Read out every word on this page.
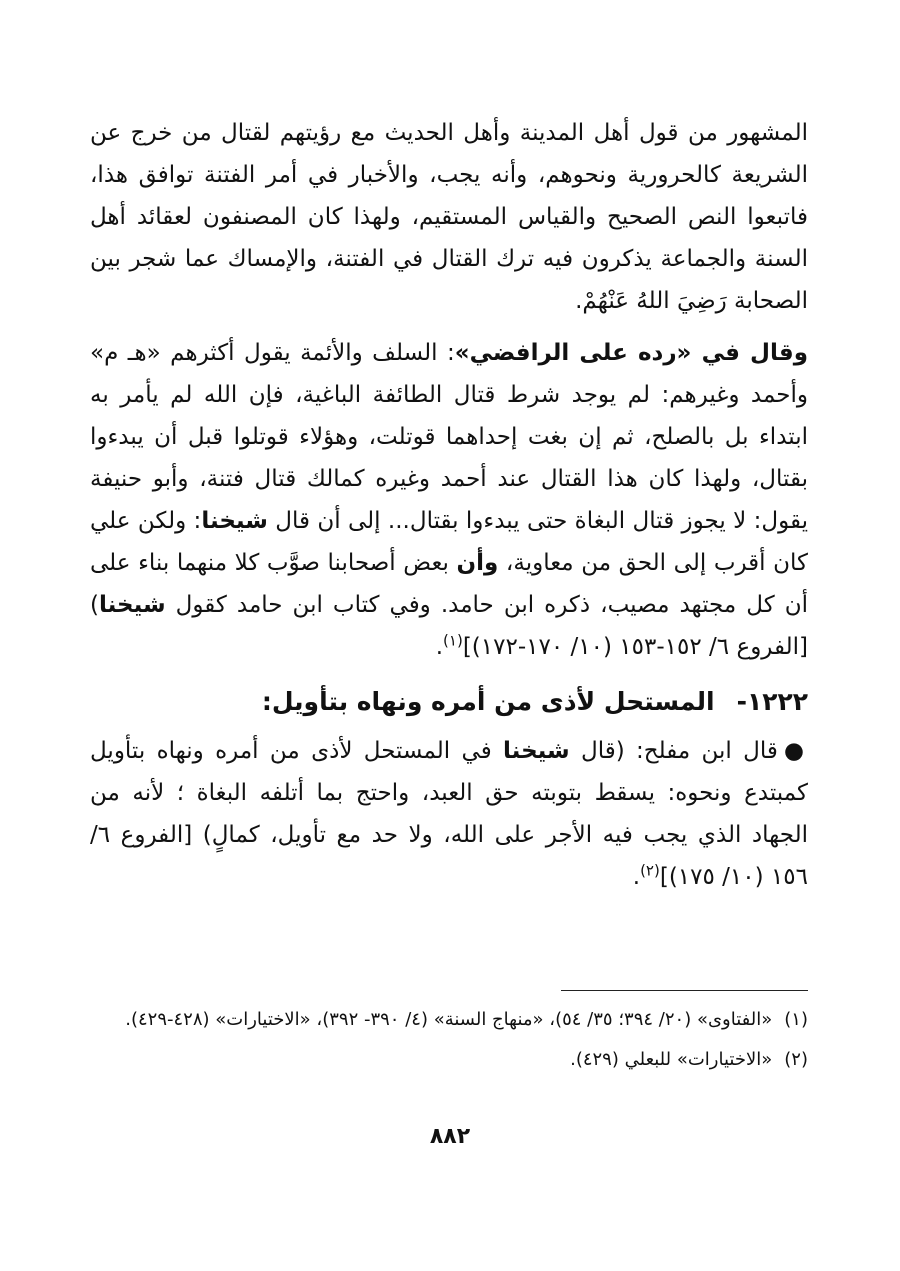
المشهور من قول أهل المدينة وأهل الحديث مع رؤيتهم لقتال من خرج عن الشريعة كالحرورية ونحوهم، وأنه يجب، والأخبار في أمر الفتنة توافق هذا، فاتبعوا النص الصحيح والقياس المستقيم، ولهذا كان المصنفون لعقائد أهل السنة والجماعة يذكرون فيه ترك القتال في الفتنة، والإمساك عما شجر بين الصحابة رَضِيَ اللهُ عَنْهُمْ.

وقال في «رده على الرافضي»: السلف والأئمة يقول أكثرهم «هـ م» وأحمد وغيرهم: لم يوجد شرط قتال الطائفة الباغية، فإن الله لم يأمر به ابتداء بل بالصلح، ثم إن بغت إحداهما قوتلت، وهؤلاء قوتلوا قبل أن يبدءوا بقتال، ولهذا كان هذا القتال عند أحمد وغيره كمالك قتال فتنة، وأبو حنيفة يقول: لا يجوز قتال البغاة حتى يبدءوا بقتال... إلى أن قال شيخنا: ولكن علي كان أقرب إلى الحق من معاوية، وأن بعض أصحابنا صوَّب كلا منهما بناء على أن كل مجتهد مصيب، ذكره ابن حامد. وفي كتاب ابن حامد كقول شيخنا) [الفروع ٦/ ١٥٢-١٥٣ (١٠/ ١٧٠-١٧٢)]$^{(١)}$.

١٢٢٢-المستحل لأذى من أمره ونهاه بتأويل:

●قال ابن مفلح: (قال شيخنا في المستحل لأذى من أمره ونهاه بتأويل كمبتدع ونحوه: يسقط بتوبته حق العبد، واحتج بما أتلفه البغاة ؛ لأنه من الجهاد الذي يجب فيه الأجر على الله، ولا حد مع تأويل، كمالٍ) [الفروع ٦/ ١٥٦ (١٠/ ١٧٥)]$^{(٢)}$.

(١)«الفتاوى» (٢٠/ ٣٩٤؛ ٣٥/ ٥٤)، «منهاج السنة» (٤/ ٣٩٠- ٣٩٢)، «الاختيارات» (٤٢٨-٤٢٩).

(٢)«الاختيارات» للبعلي (٤٢٩).

٨٨٢
